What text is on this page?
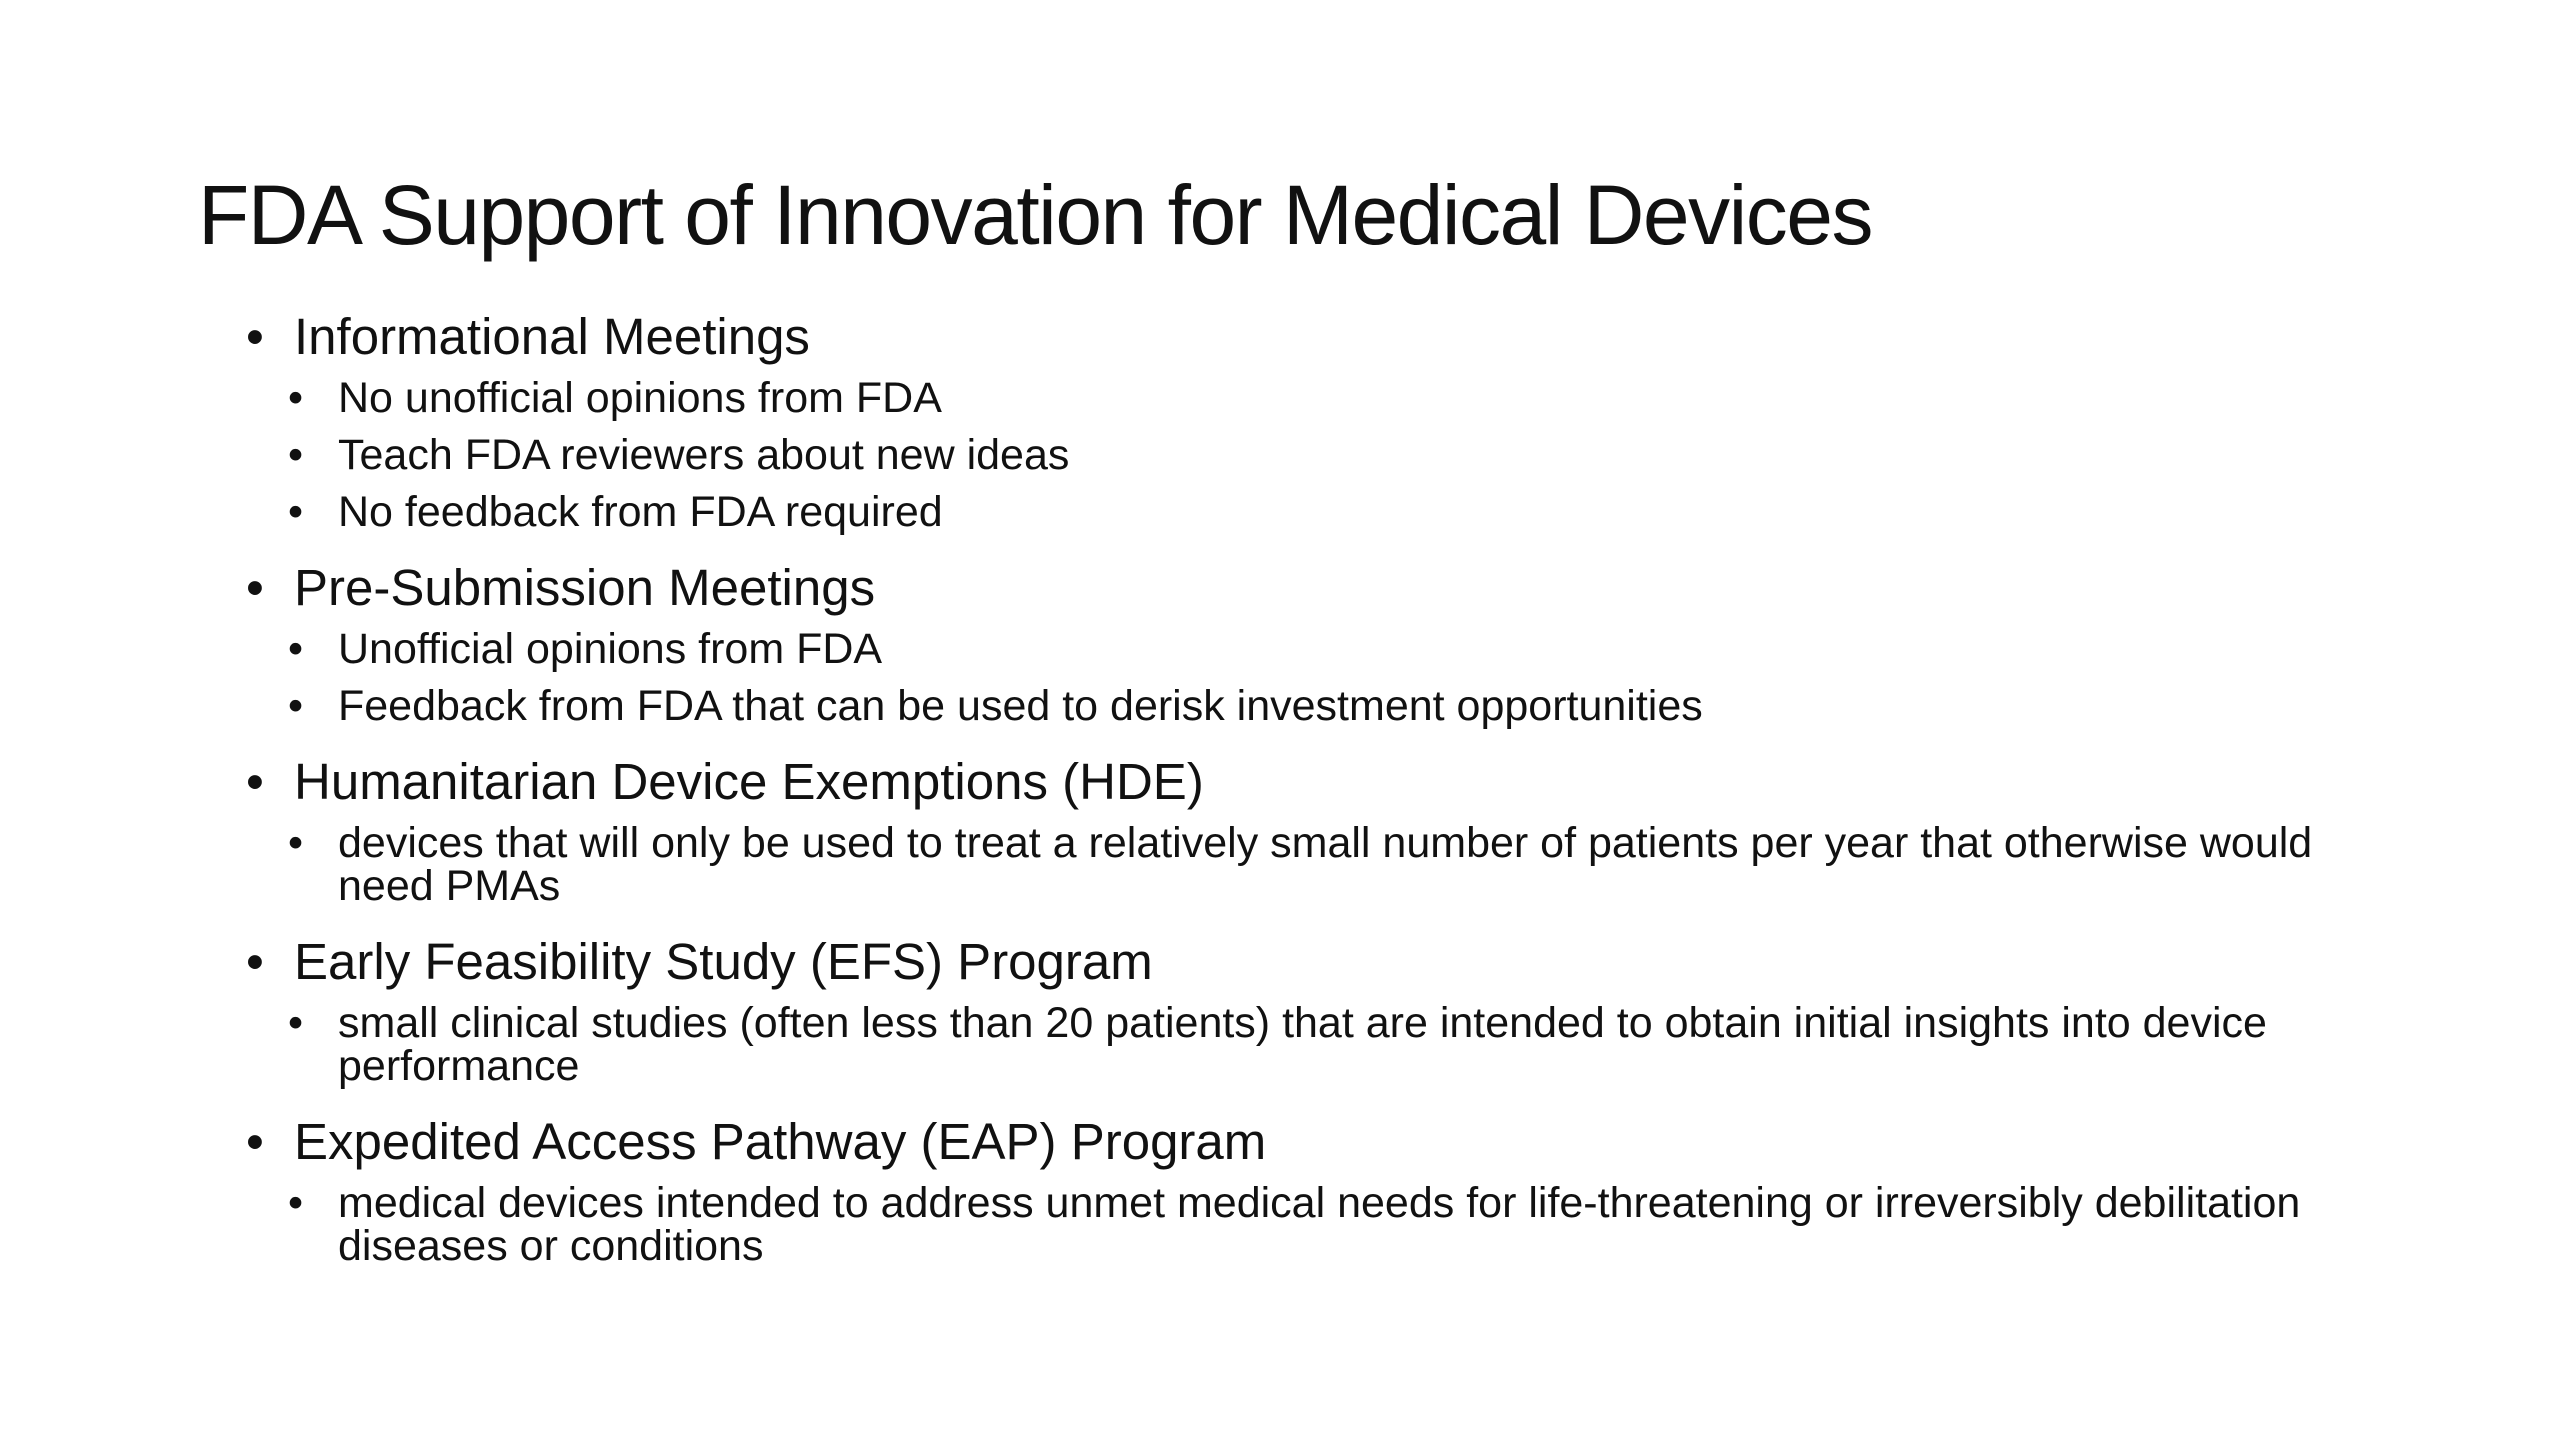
FDA Support of Innovation for Medical Devices
• Informational Meetings
• No unofficial opinions from FDA
• Teach FDA reviewers about new ideas
• No feedback from FDA required
• Pre-Submission Meetings
• Unofficial opinions from FDA
• Feedback from FDA that can be used to derisk investment opportunities
• Humanitarian Device Exemptions (HDE)
• devices that will only be used to treat a relatively small number of patients per year that otherwise would need PMAs
• Early Feasibility Study (EFS) Program
• small clinical studies (often less than 20 patients) that are intended to obtain initial insights into device performance
• Expedited Access Pathway (EAP) Program
• medical devices intended to address unmet medical needs for life-threatening or irreversibly debilitation diseases or conditions
